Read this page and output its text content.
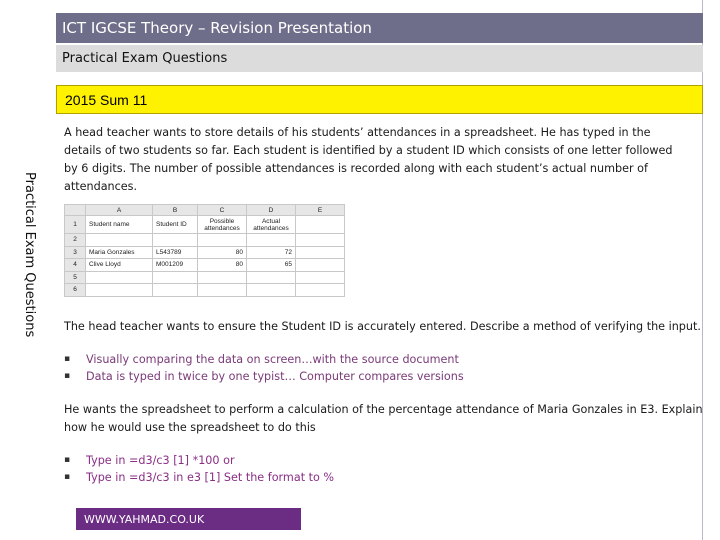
ICT IGCSE Theory – Revision Presentation
Practical Exam Questions
Practical Exam Questions
2015 Sum 11
A head teacher wants to store details of his students’ attendances in a spreadsheet. He has typed in the details of two students so far. Each student is identified by a student ID which consists of one letter followed by 6 digits. The number of possible attendances is recorded along with each student’s actual number of attendances.
	A	B	C	D	E
1	Student name	Student ID	Possible attendances	Actual attendances	
2					
3	Maria Gonzales	L543789	80	72	
4	Clive Lloyd	M001209	80	65	
5					
6					
The head teacher wants to ensure the Student ID is accurately entered. Describe a method of verifying the input.
▪ Visually comparing the data on screen…with the source document
▪ Data is typed in twice by one typist… Computer compares versions
He wants the spreadsheet to perform a calculation of the percentage attendance of Maria Gonzales in E3. Explain how he would use the spreadsheet to do this
▪ Type in =d3/c3 [1] *100 or
▪ Type in =d3/c3 in e3 [1] Set the format to %
WWW.YAHMAD.CO.UK
